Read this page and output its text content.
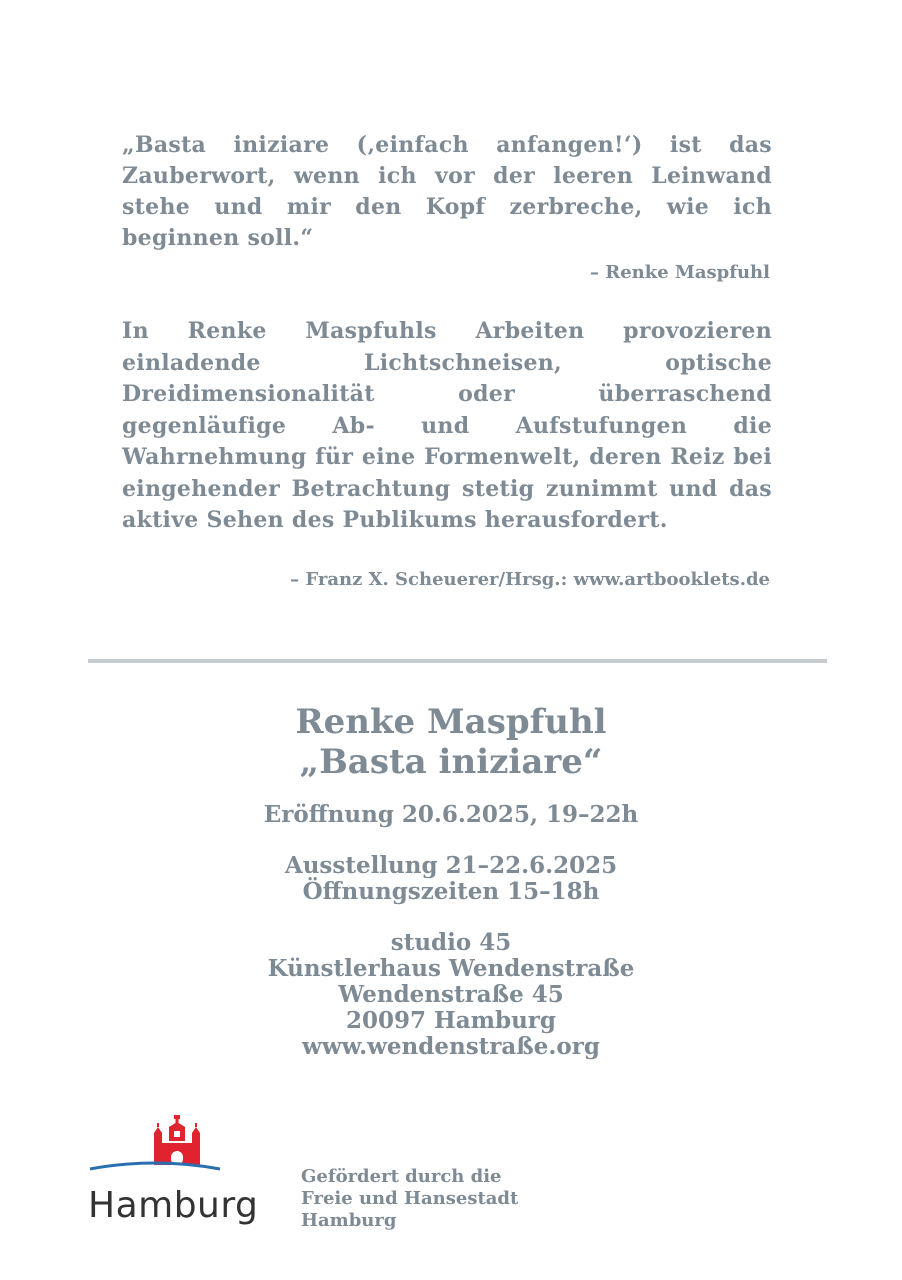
„Basta iniziare (‚einfach anfangen!‘) ist das Zauberwort, wenn ich vor der leeren Leinwand stehe und mir den Kopf zerbreche, wie ich beginnen soll.“
– Renke Maspfuhl
In Renke Maspfuhls Arbeiten provozieren einladende Lichtschneisen, optische Dreidimensionalität oder überraschend gegenläufige Ab- und Aufstufungen die Wahrnehmung für eine Formenwelt, deren Reiz bei eingehender Betrachtung stetig zunimmt und das aktive Sehen des Publikums herausfordert.
– Franz X. Scheuerer/Hrsg.: www.artbooklets.de
Renke Maspfuhl
„Basta iniziare“
Eröffnung 20.6.2025, 19–22h
Ausstellung 21–22.6.2025
Öffnungszeiten 15–18h
studio 45
Künstlerhaus Wendenstraße
Wendenstraße 45
20097 Hamburg
www.wendenstraße.org
Hamburg
Gefördert durch die
Freie und Hansestadt
Hamburg
